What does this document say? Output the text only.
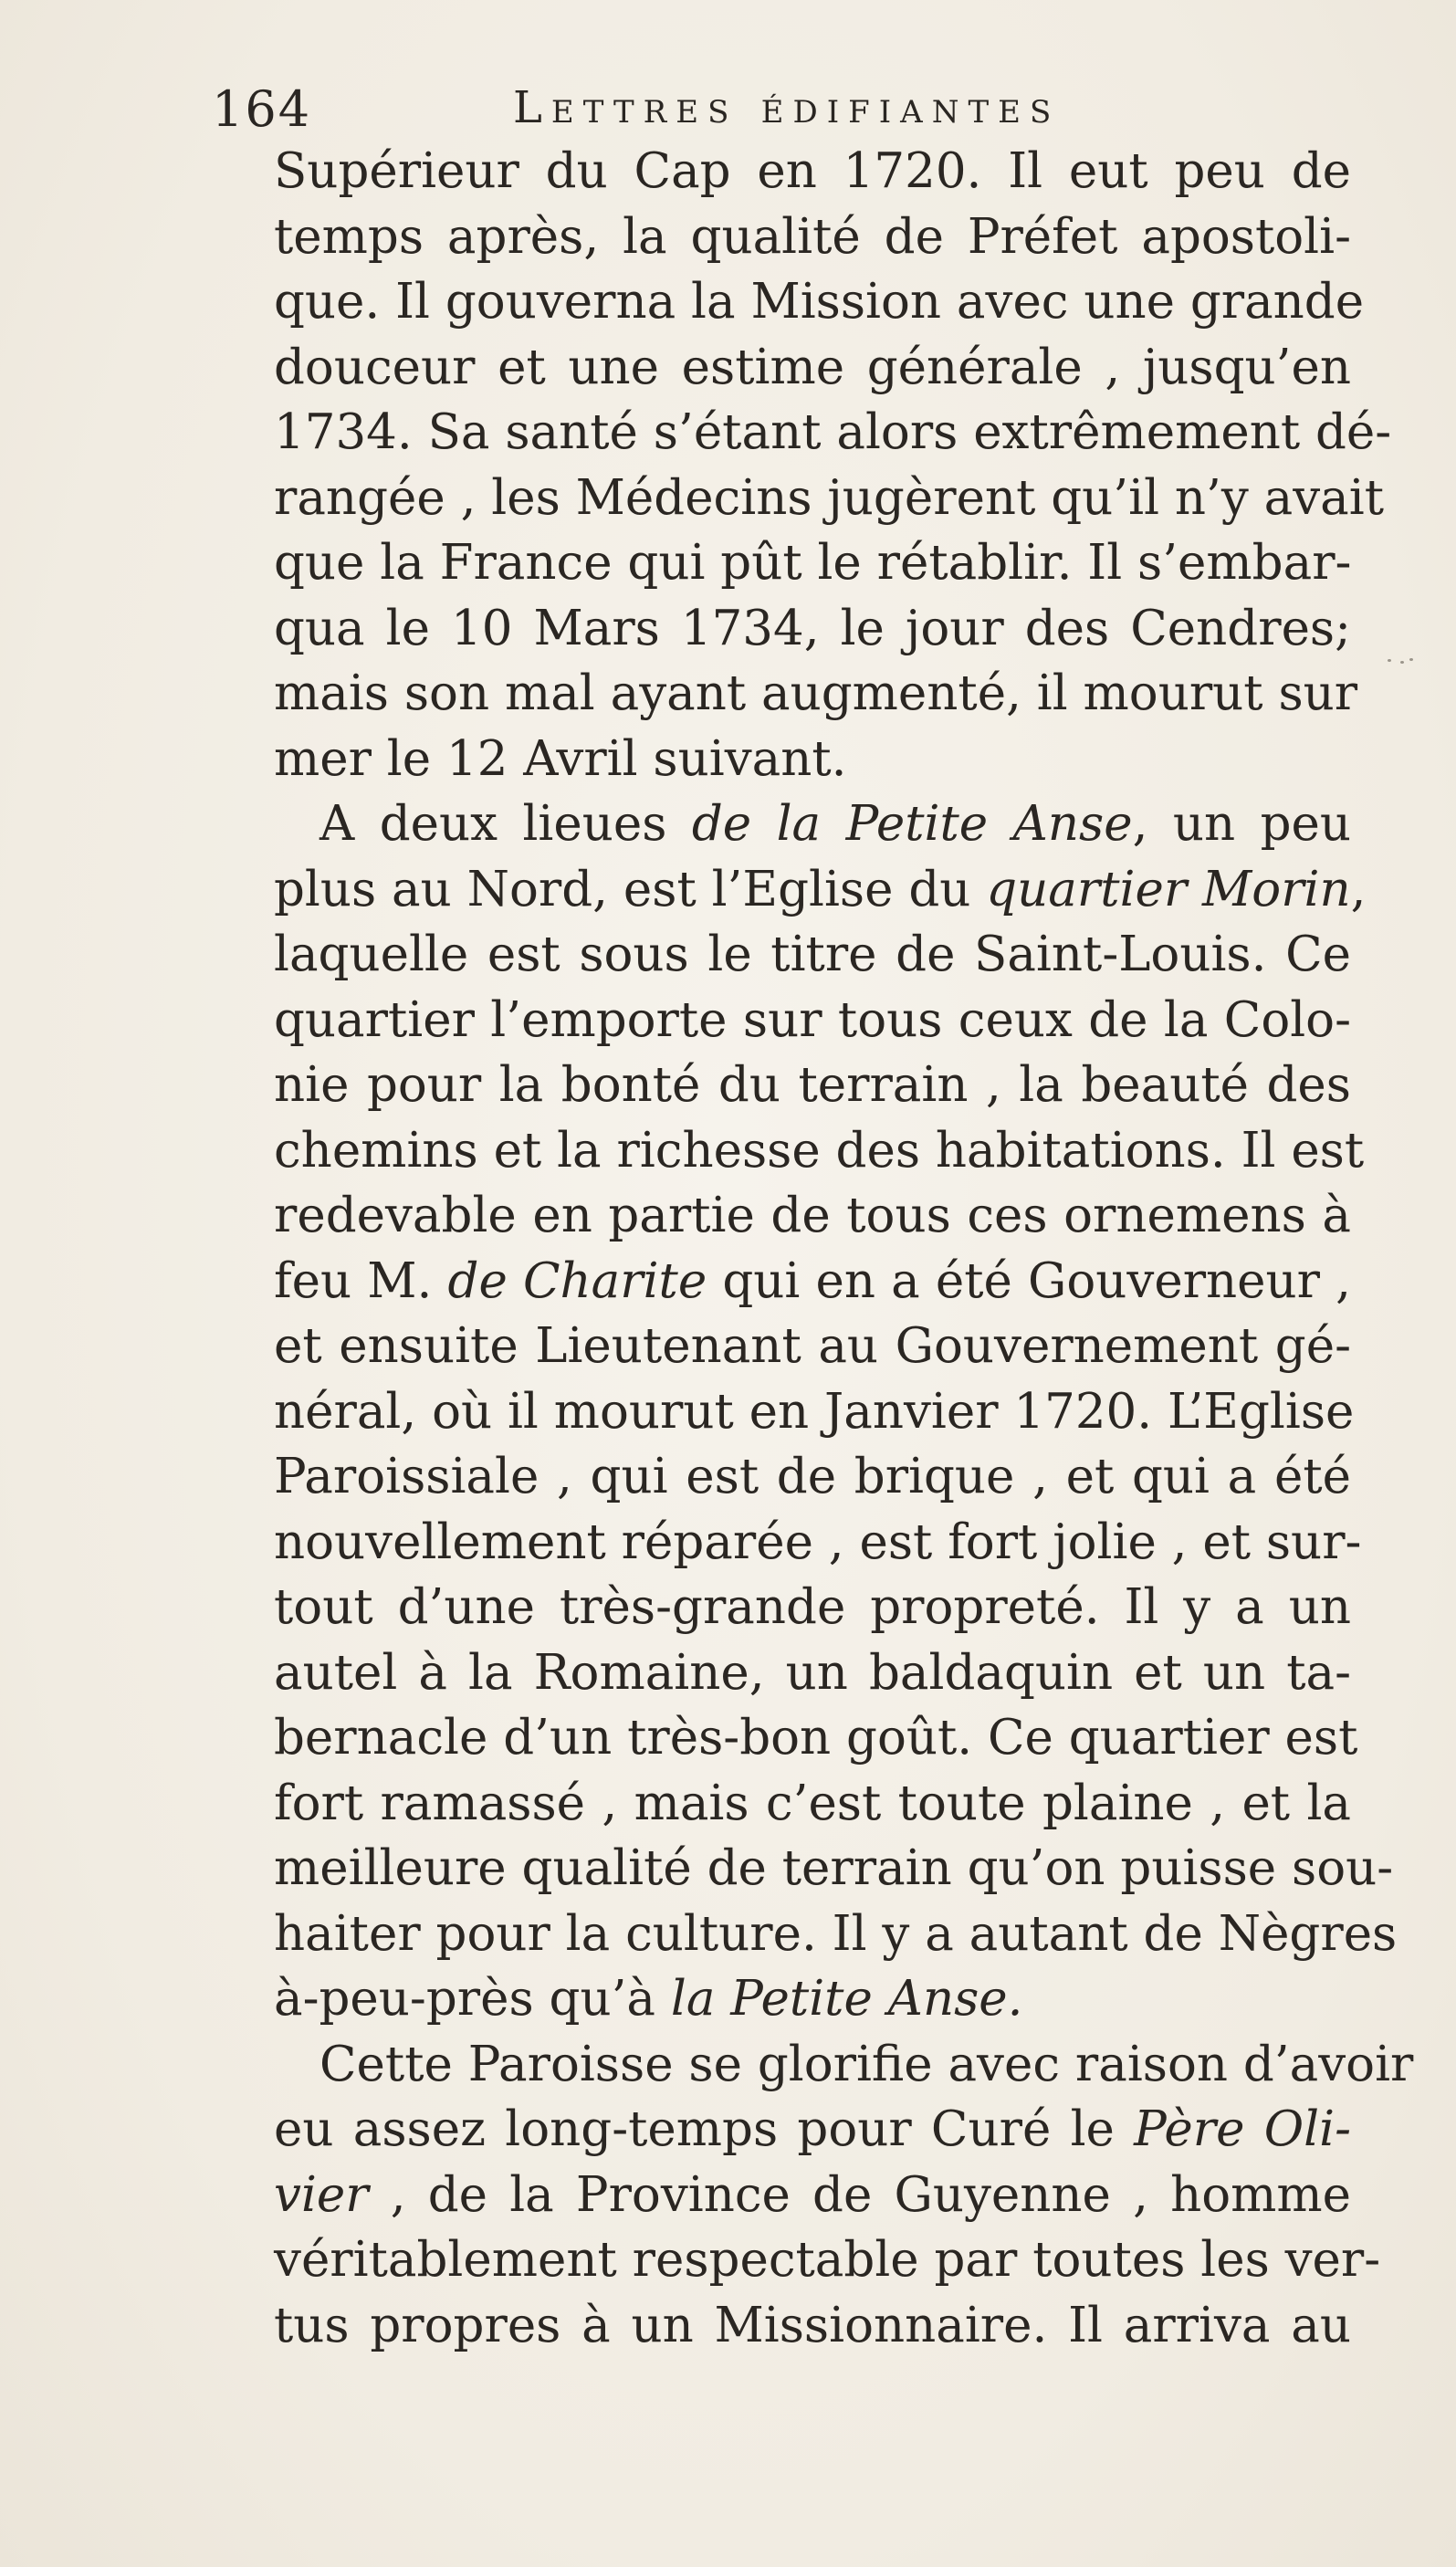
164	Lettres édifiantes
Supérieur du Cap en 1720. Il eut peu de
temps après, la qualité de Préfet apostoli-
que. Il gouverna la Mission avec une grande
douceur et une estime générale , jusqu’en
1734. Sa santé s’étant alors extrêmement dé-
rangée , les Médecins jugèrent qu’il n’y avait
que la France qui pût le rétablir. Il s’embar-
qua le 10 Mars 1734, le jour des Cendres;
mais son mal ayant augmenté, il mourut sur
mer le 12 Avril suivant.
A deux lieues de la Petite Anse, un peu
plus au Nord, est l’Eglise du quartier Morin,
laquelle est sous le titre de Saint-Louis. Ce
quartier l’emporte sur tous ceux de la Colo-
nie pour la bonté du terrain , la beauté des
chemins et la richesse des habitations. Il est
redevable en partie de tous ces ornemens à
feu M. de Charite qui en a été Gouverneur ,
et ensuite Lieutenant au Gouvernement gé-
néral, où il mourut en Janvier 1720. L’Eglise
Paroissiale , qui est de brique , et qui a été
nouvellement réparée , est fort jolie , et sur-
tout d’une très-grande propreté. Il y a un
autel à la Romaine, un baldaquin et un ta-
bernacle d’un très-bon goût. Ce quartier est
fort ramassé , mais c’est toute plaine , et la
meilleure qualité de terrain qu’on puisse sou-
haiter pour la culture. Il y a autant de Nègres
à-peu-près qu’à la Petite Anse.
Cette Paroisse se glorifie avec raison d’avoir
eu assez long-temps pour Curé le Père Oli-
vier , de la Province de Guyenne , homme
véritablement respectable par toutes les ver-
tus propres à un Missionnaire. Il arriva au
